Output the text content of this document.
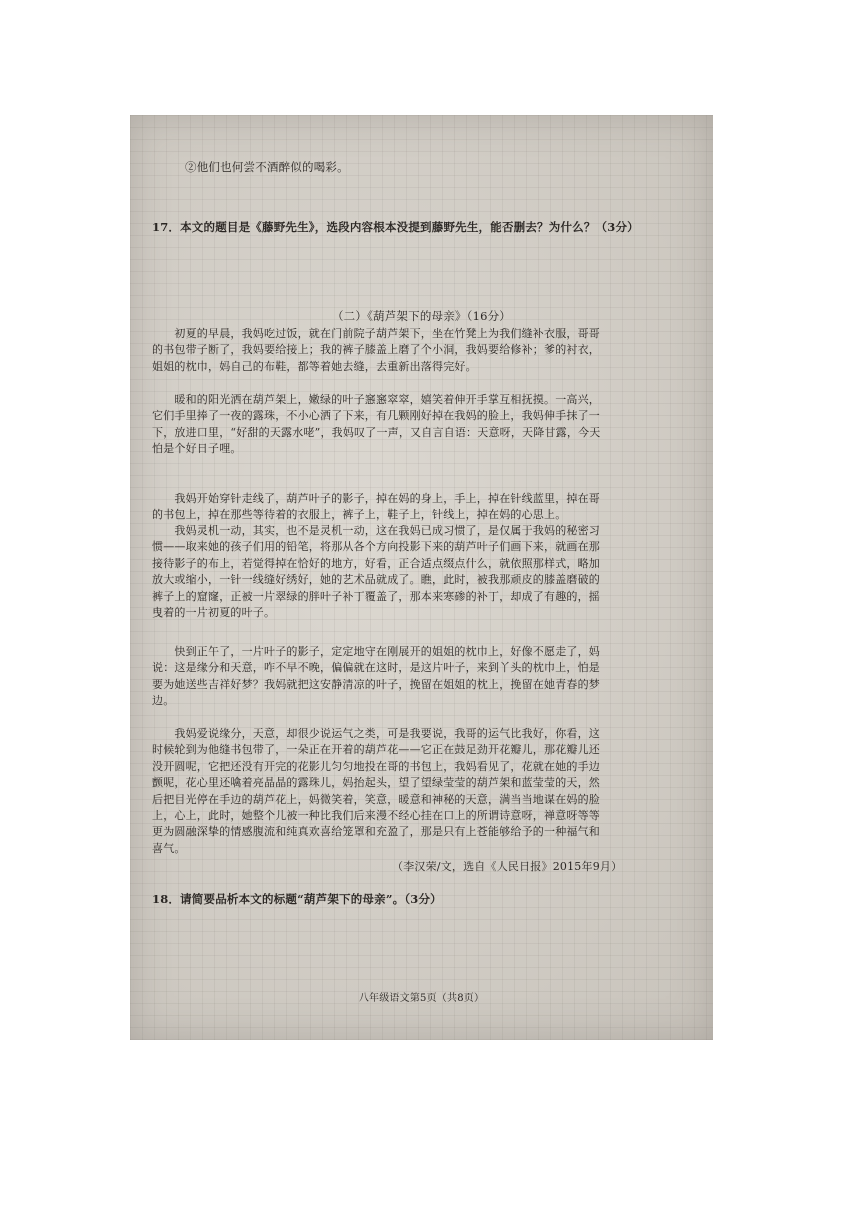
②他们也何尝不酒醉似的喝彩。

17．本文的题目是《藤野先生》，选段内容根本没提到藤野先生，能否删去？为什么？（3分）

（二）《葫芦架下的母亲》（16分）

　　初夏的早晨，我妈吃过饭，就在门前院子葫芦架下，坐在竹凳上为我们缝补衣服，哥哥
的书包带子断了，我妈要给接上；我的裤子膝盖上磨了个小洞，我妈要给修补；爹的衬衣，
姐姐的枕巾，妈自己的布鞋，都等着她去缝，去重新出落得完好。
　　暖和的阳光洒在葫芦架上，嫩绿的叶子窸窸窣窣，嬉笑着伸开手掌互相抚摸。一高兴，
它们手里捧了一夜的露珠，不小心洒了下来，有几颗刚好掉在我妈的脸上，我妈伸手抹了一
下，放进口里，“好甜的天露水咾”，我妈叹了一声，又自言自语：天意呀，天降甘露，今天
怕是个好日子哩。
　　我妈开始穿针走线了，葫芦叶子的影子，掉在妈的身上，手上，掉在针线蓝里，掉在哥
的书包上，掉在那些等待着的衣服上，裤子上，鞋子上，针线上，掉在妈的心思上。
　　我妈灵机一动，其实，也不是灵机一动，这在我妈已成习惯了，是仅属于我妈的秘密习
惯——取来她的孩子们用的铅笔，将那从各个方向投影下来的葫芦叶子们画下来，就画在那
接待影子的布上，若觉得掉在恰好的地方，好看，正合适点缀点什么，就依照那样式，略加
放大或缩小，一针一线缝好绣好，她的艺术品就成了。瞧，此时，被我那顽皮的膝盖磨破的
裤子上的窟窿，正被一片翠绿的胖叶子补丁覆盖了，那本来寒碜的补丁，却成了有趣的，摇
曳着的一片初夏的叶子。
　　快到正午了，一片叶子的影子，定定地守在刚展开的姐姐的枕巾上，好像不愿走了，妈
说：这是缘分和天意，咋不早不晚，偏偏就在这时，是这片叶子，来到丫头的枕巾上，怕是
要为她送些吉祥好梦？我妈就把这安静清凉的叶子，挽留在姐姐的枕上，挽留在她青春的梦
边。
　　我妈爱说缘分，天意，却很少说运气之类，可是我要说，我哥的运气比我好，你看，这
时候轮到为他缝书包带了，一朵正在开着的葫芦花——它正在鼓足劲开花瓣儿，那花瓣儿还
没开圆呢，它把还没有开完的花影儿匀匀地投在哥的书包上，我妈看见了，花就在她的手边
颤呢，花心里还噙着亮晶晶的露珠儿，妈抬起头，望了望绿莹莹的葫芦架和蓝莹莹的天，然
后把目光停在手边的葫芦花上，妈微笑着，笑意，暖意和神秘的天意，满当当地谋在妈的脸
上，心上，此时，她整个儿被一种比我们后来漫不经心挂在口上的所谓诗意呀，禅意呀等等
更为圆融深挚的情感腹流和纯真欢喜给笼罩和充盈了，那是只有上苍能够给予的一种福气和
喜气。

（李汉荣/文，选自《人民日报》2015年9月）

18．请简要品析本文的标题“葫芦架下的母亲”。（3分）

八年级语文第5页（共8页）
